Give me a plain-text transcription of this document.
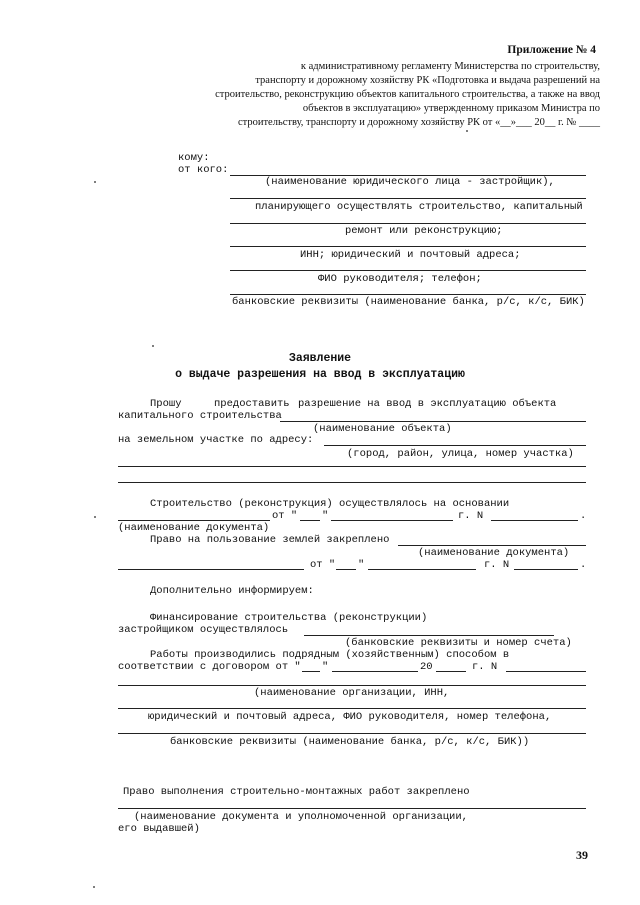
Приложение № 4
к административному регламенту Министерства по строительству,
транспорту и дорожному хозяйству РК «Подготовка и выдача разрешений на
строительство, реконструкцию объектов капитального строительства, а также на ввод
объектов в эксплуатацию» утвержденному приказом Министра по
строительству, транспорту и дорожному хозяйству РК от «__»___ 20__ г. № ____
кому:
от кого:
(наименование юридического лица - застройщик),
планирующего осуществлять строительство, капитальный
ремонт или реконструкцию;
ИНН; юридический и почтовый адреса;
ФИО руководителя; телефон;
банковские реквизиты (наименование банка, р/с, к/с, БИК)
Заявление
о выдаче разрешения на ввод в эксплуатацию
Прошу	предоставить разрешение на ввод в эксплуатацию объекта
капитального строительства
(наименование объекта)
на земельном участке по адресу:
(город, район, улица, номер участка)
Строительство (реконструкция) осуществлялось на основании
от " "	г. N	.
(наименование документа)
Право на пользование землей закреплено
(наименование документа)
от " "	г. N	.
Дополнительно информируем:
Финансирование строительства (реконструкции)
застройщиком осуществлялось
(банковские реквизиты и номер счета)
Работы производились подрядным (хозяйственным) способом в
соответствии с договором от " "	20	г. N
(наименование организации, ИНН,
юридический и почтовый адреса, ФИО руководителя, номер телефона,
банковские реквизиты (наименование банка, р/с, к/с, БИК))
Право выполнения строительно-монтажных работ закреплено
(наименование документа и уполномоченной организации,
его выдавшей)
39
